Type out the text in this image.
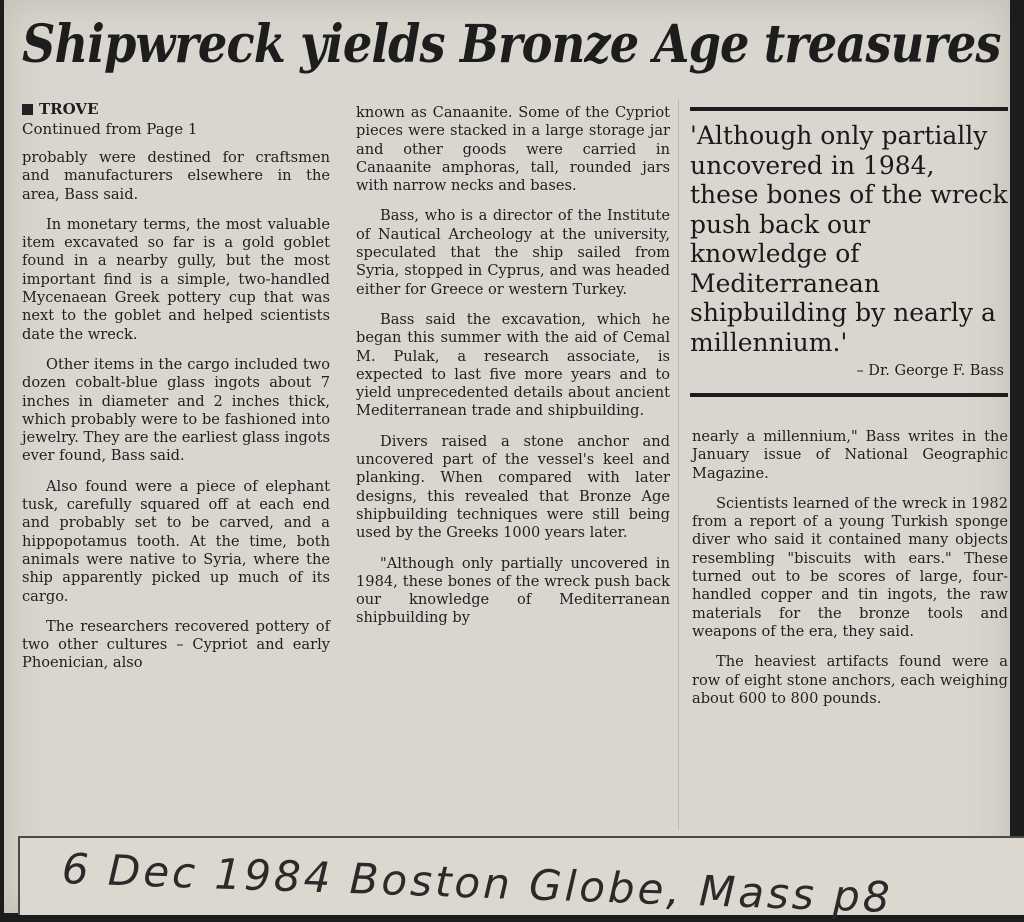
Shipwreck yields Bronze Age treasures
TROVE
Continued from Page 1

probably were destined for craftsmen and manufacturers elsewhere in the area, Bass said.

In monetary terms, the most valuable item excavated so far is a gold goblet found in a nearby gully, but the most important find is a simple, two-handled Mycenaean Greek pottery cup that was next to the goblet and helped scientists date the wreck.

Other items in the cargo included two dozen cobalt-blue glass ingots about 7 inches in diameter and 2 inches thick, which probably were to be fashioned into jewelry. They are the earliest glass ingots ever found, Bass said.

Also found were a piece of elephant tusk, carefully squared off at each end and probably set to be carved, and a hippopotamus tooth. At the time, both animals were native to Syria, where the ship apparently picked up much of its cargo.

The researchers recovered pottery of two other cultures – Cypriot and early Phoenician, also

known as Canaanite. Some of the Cypriot pieces were stacked in a large storage jar and other goods were carried in Canaanite amphoras, tall, rounded jars with narrow necks and bases.

Bass, who is a director of the Institute of Nautical Archeology at the university, speculated that the ship sailed from Syria, stopped in Cyprus, and was headed either for Greece or western Turkey.

Bass said the excavation, which he began this summer with the aid of Cemal M. Pulak, a research associate, is expected to last five more years and to yield unprecedented details about ancient Mediterranean trade and shipbuilding.

Divers raised a stone anchor and uncovered part of the vessel's keel and planking. When compared with later designs, this revealed that Bronze Age shipbuilding techniques were still being used by the Greeks 1000 years later.

"Although only partially uncovered in 1984, these bones of the wreck push back our knowledge of Mediterranean shipbuilding by

'Although only partially uncovered in 1984, these bones of the wreck push back our knowledge of Mediterranean shipbuilding by nearly a millennium.'

– Dr. George F. Bass

nearly a millennium," Bass writes in the January issue of National Geographic Magazine.

Scientists learned of the wreck in 1982 from a report of a young Turkish sponge diver who said it contained many objects resembling "biscuits with ears." These turned out to be scores of large, four-handled copper and tin ingots, the raw materials for the bronze tools and weapons of the era, they said.

The heaviest artifacts found were a row of eight stone anchors, each weighing about 600 to 800 pounds.

6 Dec 1984 Boston Globe, Mass p8
